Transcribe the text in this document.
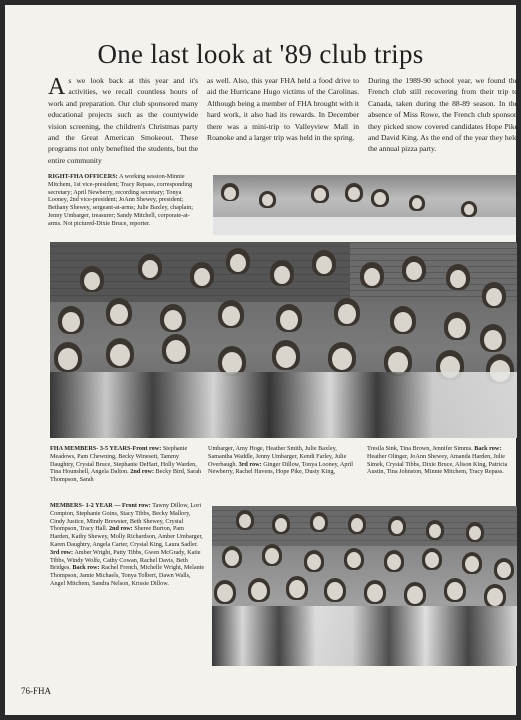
One last look at '89 club trips
As we look back at this year and it's activities, we recall countless hours of work and preparation. Our club sponsored many educational projects such as the countywide vision screening, the children's Christmas party and the Great American Smokeout. These programs not only benefited the students, but the entire community
as well. Also, this year FHA held a food drive to aid the Hurricane Hugo victims of the Carolinas. Although being a member of FHA brought with it hard work, it also had its rewards. In December there was a mini-trip to Valleyview Mall in Roanoke and a larger trip was held in the spring.
During the 1989-90 school year, we found the French club still recovering from their trip to Canada, taken during the 88-89 season. In the absence of Miss Rowe, the French club sponsor, they picked snow covered candidates Hope Pike and David King. As the end of the year they held the annual pizza party.
RIGHT-FHA OFFICERS: A working session-Minnie Mitchem, 1st vice-president; Tracy Repass, corresponding secretary; April Newberry, recording secretary; Tonya Looney, 2nd vice-president; JoAnn Shewey, president; Bethany Shewey, sergeant-at-arms; Julie Baxley, chaplain; Jenny Umbarger, treasurer; Sandy Mitchell, corporate-at-arms. Not pictured-Dixie Bruce, reporter.
FHA MEMBERS- 3-5 YEARS-Front row: Stephanie Meadows, Pam Chewning, Becky Winesett, Tammy Daughtry, Crystal Bruce, Stephanie DeHart, Holly Warden, Tina Hounshell, Angela Dalton. 2nd row: Becky Bird, Sarah Thompson, Sarah
Umbarger, Amy Hoge, Heather Smith, Julie Baxley, Samantha Waddle, Jenny Umbarger, Kendi Farley, Julie Overbaugh. 3rd row: Ginger Dillow, Tonya Looney, April Newberry, Rachel Havens, Hope Pike, Dusty King,
Tresila Sink, Tina Brown, Jennifer Simms. Back row: Heather Olinger, JoAnn Shewey, Amanda Harden, Julie Simek, Crystal Tibbs, Dixie Bruce, Alison King, Patricia Austin, Tina Johnston, Minnie Mitchem, Tracy Repass.
MEMBERS- 1-2 YEAR — Front row: Tawny Dillow, Lori Compton, Stephanie Goins, Stacy Tibbs, Becky Mallory, Cindy Justice, Mindy Brewster, Beth Shewey, Crystal Thompson, Tracy Hall. 2nd row: Sheree Burton, Pam Harden, Kathy Shewey, Molly Richardson, Amber Umbarger, Karen Daughtry, Angela Carter, Crystal King, Laura Sadler. 3rd row: Amber Wright, Patty Tibbs, Gwen McGrady, Katie Tibbs, Windy Wolfe, Cathy Cowan, Rachel Davis, Beth Bridges. Back row: Rachel French, Michelle Wright, Melanie Thompson, Jamie Michaels, Tonya Tolbert, Dawn Walls, Angel Mitchem, Sandra Nelson, Krissie Dillow.
76-FHA
